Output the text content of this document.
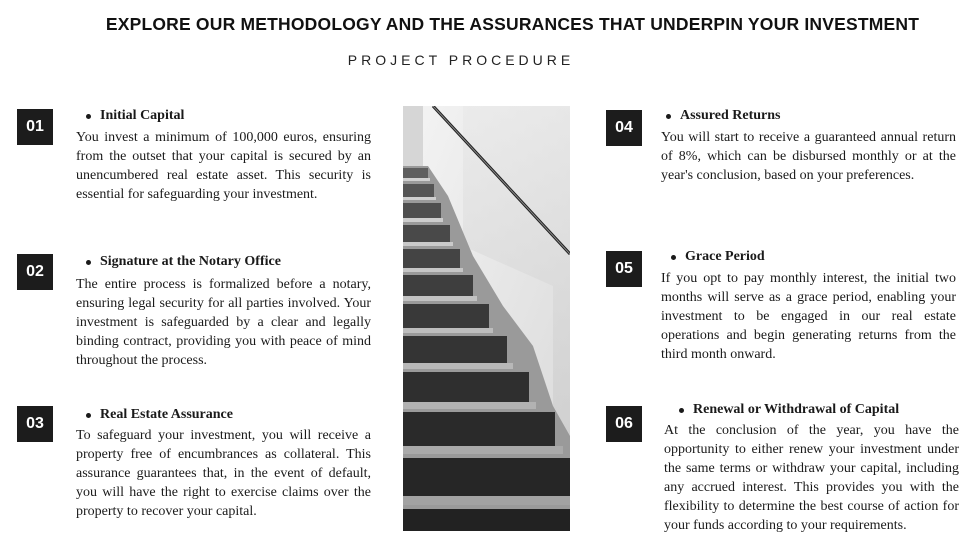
EXPLORE OUR METHODOLOGY AND THE ASSURANCES THAT UNDERPIN YOUR INVESTMENT
PROJECT PROCEDURE
01
Initial Capital
You invest a minimum of 100,000 euros, ensuring from the outset that your capital is secured by an unencumbered real estate asset. This security is essential for safeguarding your investment.
02
Signature at the Notary Office
The entire process is formalized before a notary, ensuring legal security for all parties involved. Your investment is safeguarded by a clear and legally binding contract, providing you with peace of mind throughout the process.
03
Real Estate Assurance
To safeguard your investment, you will receive a property free of encumbrances as collateral. This assurance guarantees that, in the event of default, you will have the right to exercise claims over the property to recover your capital.
04
Assured Returns
You will start to receive a guaranteed annual return of 8%, which can be disbursed monthly or at the year's conclusion, based on your preferences.
05
Grace Period
If you opt to pay monthly interest, the initial two months will serve as a grace period, enabling your investment to be engaged in our real estate operations and begin generating returns from the third month onward.
06
Renewal or Withdrawal of Capital
At the conclusion of the year, you have the opportunity to either renew your investment under the same terms or withdraw your capital, including any accrued interest. This provides you with the flexibility to determine the best course of action for your funds according to your requirements.
